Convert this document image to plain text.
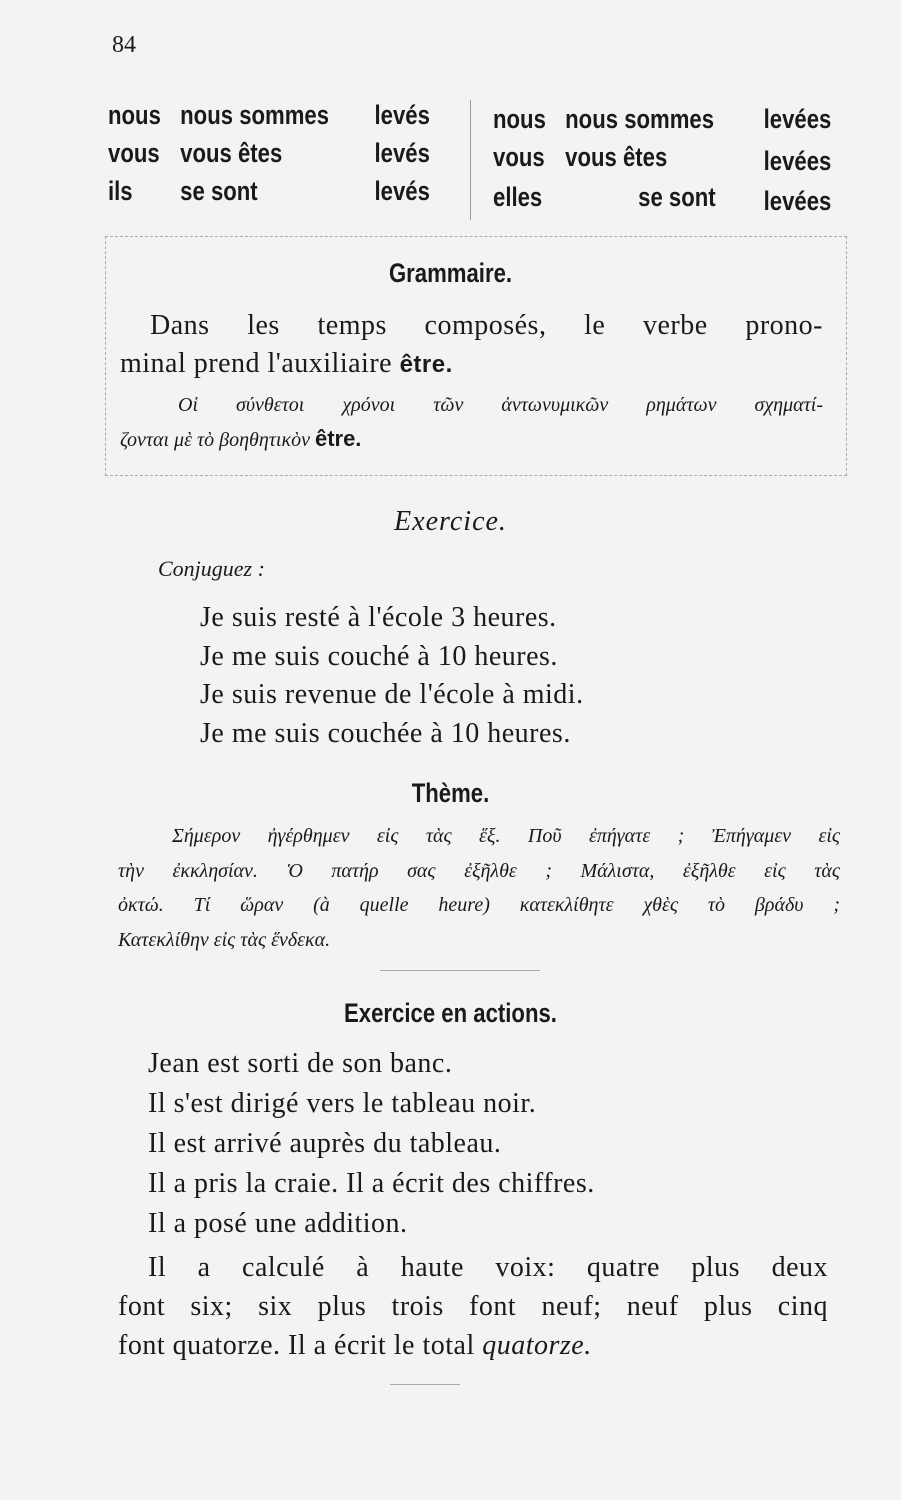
84
nous nous sommes levés
vous vous êtes	levés
ils se sont	levés
nous nous sommes levées
vous vous êtes	levées
elles	se sont levées
Grammaire.
Dans les temps composés, le verbe prono-
minal prend l'auxiliaire être.
Οἱ σύνθετοι χρόνοι τῶν ἀντωνυμικῶν ρημάτων σχηματί-
ζονται μὲ τὸ βοηθητικὸν être.
Exercice.
Conjuguez :
Je suis resté à l'école 3 heures.
Je me suis couché à 10 heures.
Je suis revenue de l'école à midi.
Je me suis couchée à 10 heures.
Thème.
Σήμερον ἠγέρθημεν εἰς τὰς ἕξ. Ποῦ ἐπήγατε ; Ἐπήγαμεν εἰς
τὴν ἐκκλησίαν. Ὁ πατήρ σας ἐξῆλθε ; Μάλιστα, ἐξῆλθε εἰς τὰς
ὀκτώ. Τί ὥραν (à quelle heure) κατεκλίθητε χθὲς τὸ βράδυ ;
Κατεκλίθην εἰς τὰς ἕνδεκα.
Exercice en actions.
Jean est sorti de son banc.
Il s'est dirigé vers le tableau noir.
Il est arrivé auprès du tableau.
Il a pris la craie. Il a écrit des chiffres.
Il a posé une addition.
Il a calculé à haute voix: quatre plus deux
font six; six plus trois font neuf; neuf plus cinq
font quatorze. Il a écrit le total quatorze.
